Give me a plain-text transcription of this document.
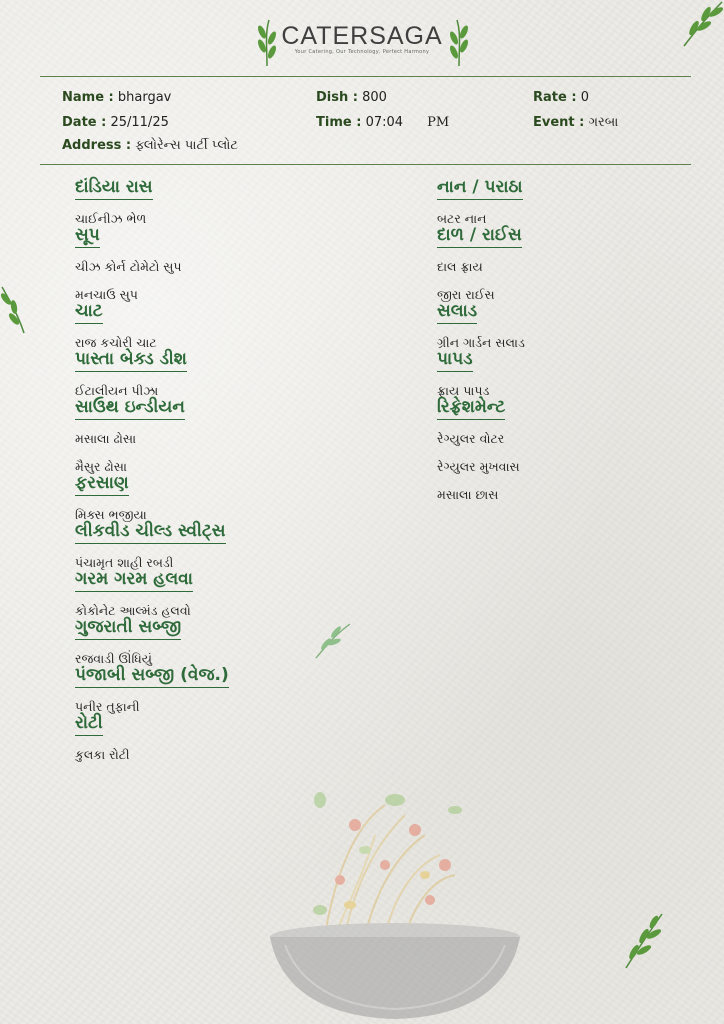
CATERSAGA
Your Catering, Our Technology, Perfect Harmony
Name : bhargav
Date : 25/11/25
Address : ફ્લોરેન્સ પાર્ટી પ્લોટ
Dish : 800
Time : 07:04 PM
Rate : 0
Event : ગરબા
દાંડિયા રાસ
ચાઈનીઝ ભેળ
સૂપ
ચીઝ કોર્ન ટોમેટો સુપ
મનચાઉ સુપ
ચાટ
રાજ કચોરી ચાટ
પાસ્તા બેક્ડ ડીશ
ઈટાલીયન પીઝા
સાઉથ ઇન્ડીયન
મસાલા ઢોસા
મૈસુર ઢોસા
ફરસાણ
મિક્સ ભજીયા
લીકવીડ ચીલ્ડ સ્વીટ્સ
પંચામૃત શાહી રબડી
ગરમ ગરમ હલવા
કોકોનેટ આલ્મંડ હલવો
ગુજરાતી સબ્જી
રજવાડી ઊંધિયું
પંજાબી સબ્જી (વેજ.)
પનીર તુફાની
રોટી
કુલકા રોટી
નાન / પરાઠા
બટર નાન
દાળ / રાઈસ
દાલ ફ્રાય
જીરા રાઈસ
સલાડ
ગ્રીન ગાર્ડન સલાડ
પાપડ
ફ્રાય પાપડ
રિફ્રેશમેન્ટ
રેગ્યુલર વોટર
રેગ્યુલર મુખવાસ
મસાલા છાસ
